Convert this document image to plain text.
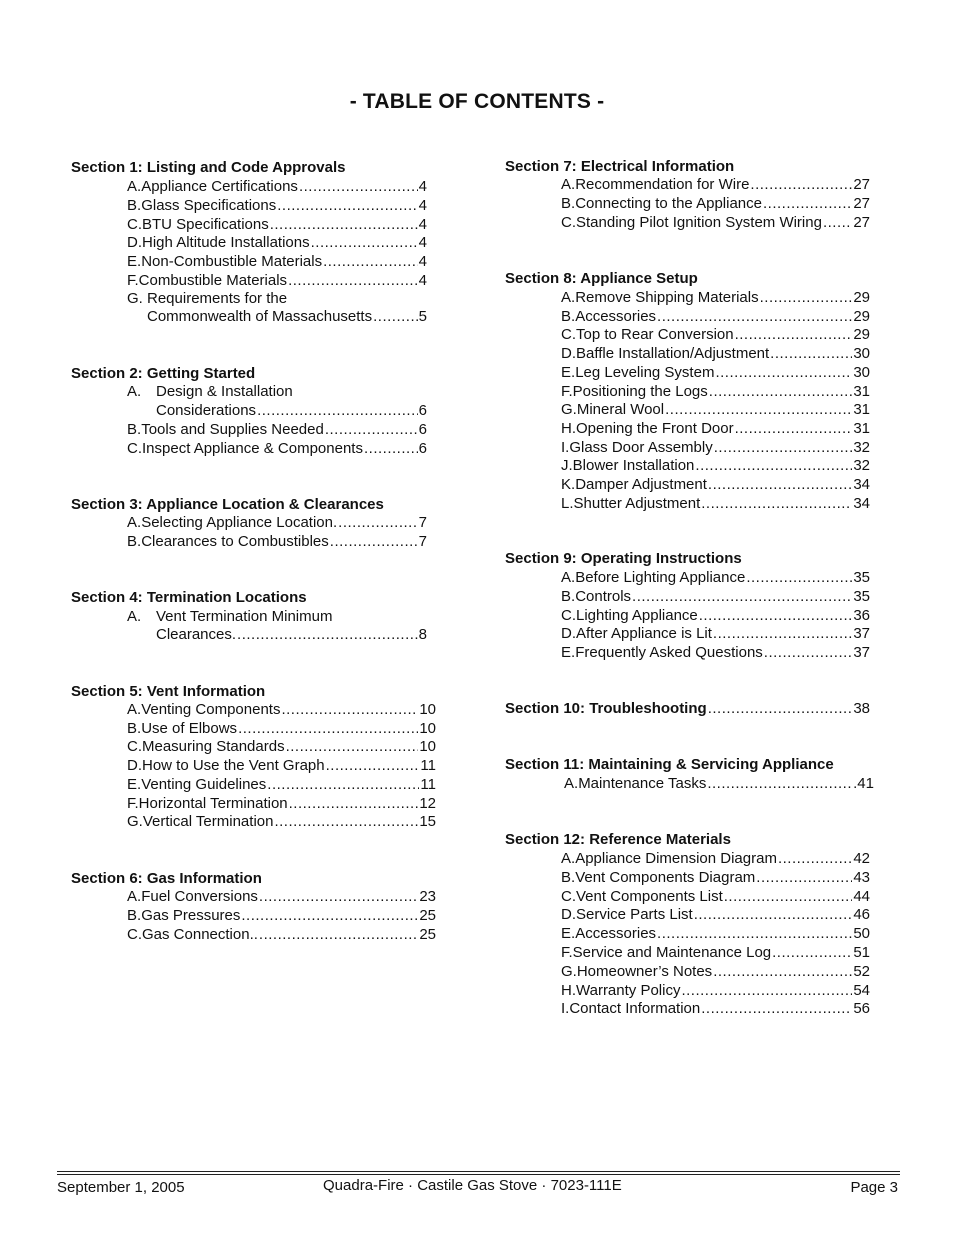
- TABLE OF CONTENTS -
Section 1: Listing and Code Approvals
A. Appliance Certifications .....	4
B. Glass Specifications .....	4
C. BTU Specifications .....	4
D. High Altitude Installations .....	4
E. Non-Combustible Materials .....	4
F. Combustible Materials .....	4
G. Requirements for the
Commonwealth of Massachusetts .....	5
Section 2: Getting Started
A. Design & Installation
Considerations .....	6
B. Tools and Supplies Needed .....	6
C. Inspect Appliance & Components .....	6
Section 3: Appliance Location & Clearances
A. Selecting Appliance Location. .....	7
B. Clearances to Combustibles .....	7
Section 4: Termination Locations
A. Vent Termination Minimum
Clearances. .....	8
Section 5: Vent Information
A. Venting Components .....	10
B. Use of Elbows .....	10
C. Measuring Standards .....	10
D. How to Use the Vent Graph .....	11
E. Venting Guidelines .....	11
F. Horizontal Termination .....	12
G. Vertical Termination .....	15
Section 6: Gas Information
A. Fuel Conversions .....	23
B. Gas Pressures .....	25
C. Gas Connection.. .....	25
Section 7: Electrical Information
A. Recommendation for Wire .....	27
B. Connecting to the Appliance .....	27
C. Standing Pilot Ignition System Wiring ..... 27
Section 8: Appliance Setup
A. Remove Shipping Materials .....	29
B. Accessories .....	29
C. Top to Rear Conversion .....	29
D. Baffle Installation/Adjustment .....	30
E. Leg Leveling System .....	30
F. Positioning the Logs .....	31
G. Mineral Wool .....	31
H. Opening the Front Door .....	31
I. Glass Door Assembly .....	32
J. Blower Installation .....	32
K. Damper Adjustment .....	34
L. Shutter Adjustment .....	34
Section 9: Operating Instructions
A. Before Lighting Appliance .....	35
B. Controls .....	35
C. Lighting Appliance .....	36
D. After Appliance is Lit .....	37
E. Frequently Asked Questions .....	37
Section 10: Troubleshooting .....	38
Section 11: Maintaining & Servicing Appliance
A. Maintenance Tasks .....	.41
Section 12: Reference Materials
A. Appliance Dimension Diagram .....	42
B. Vent Components Diagram .....	43
C. Vent Components List .....	44
D. Service Parts List .....	46
E. Accessories .....	50
F. Service and Maintenance Log .....	51
G. Homeowner’s Notes .....	52
H. Warranty Policy .....	54
I. Contact Information .....	56
September 1, 2005	Quadra-Fire · Castile Gas Stove · 7023-111E	Page 3
